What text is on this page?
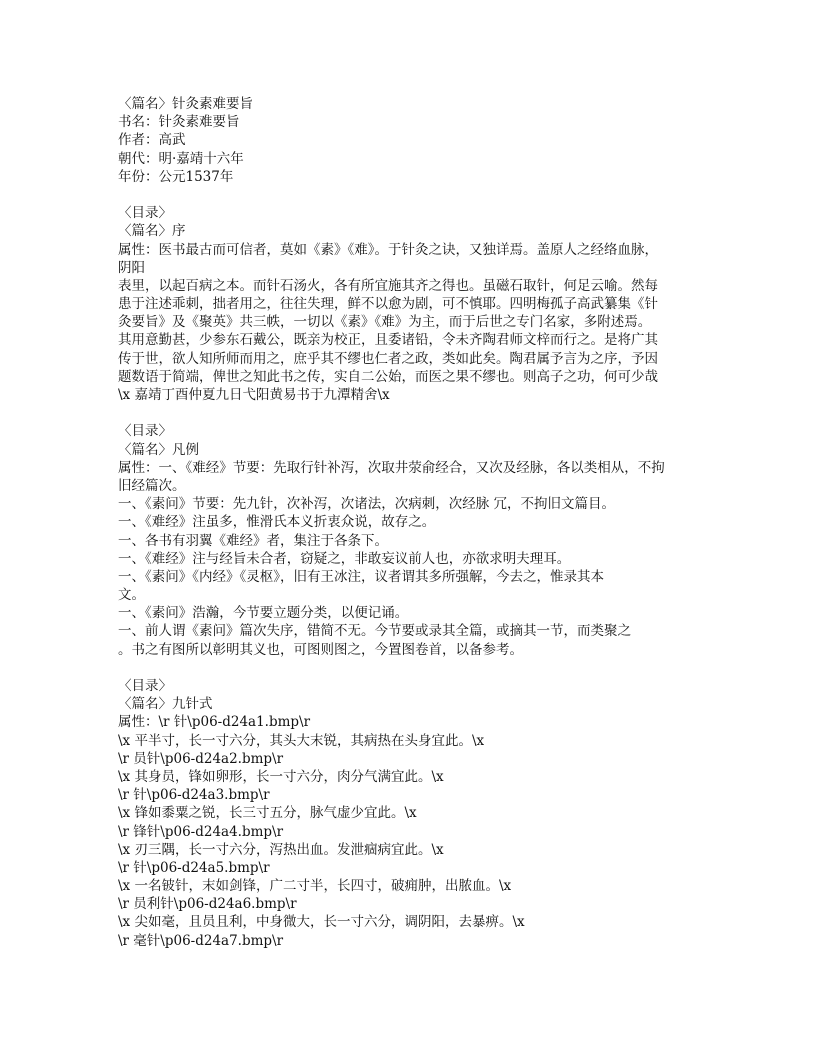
〈篇名〉针灸素难要旨
书名：针灸素难要旨
作者：高武
朝代：明·嘉靖十六年
年份：公元1537年
〈目录〉
〈篇名〉序
属性：医书最古而可信者，莫如《素》《难》。于针灸之诀，又独详焉。盖原人之经络血脉，
阴阳
表里，以起百病之本。而针石汤火，各有所宜施其齐之得也。虽磁石取针，何足云喻。然每
患于注述乖刺，拙者用之，往往失理，鲜不以愈为剧，可不慎耶。四明梅孤子高武纂集《针
灸要旨》及《聚英》共三帙，一切以《素》《难》为主，而于后世之专门名家，多附述焉。
其用意勤甚，少参东石戴公，既亲为校正，且委诸铅，令未齐陶君师文梓而行之。是将广其
传于世，欲人知所师而用之，庶乎其不缪也仁者之政，类如此矣。陶君属予言为之序，予因
题数语于简端，俾世之知此书之传，实自二公始，而医之果不缪也。则高子之功，何可少哉
\x 嘉靖丁酉仲夏九日弋阳黄易书于九潭精舍\x
〈目录〉
〈篇名〉凡例
属性：一、《难经》节要：先取行针补泻，次取井荥俞经合，又次及经脉，各以类相从，不拘
旧经篇次。
一、《素问》节要：先九针，次补泻，次诸法，次病刺，次经脉 冗，不拘旧文篇目。
一、《难经》注虽多，惟滑氏本义折衷众说，故存之。
一、各书有羽翼《难经》者，集注于各条下。
一、《难经》注与经旨未合者，窃疑之，非敢妄议前人也，亦欲求明夫理耳。
一、《素问》《内经》《灵枢》，旧有王冰注，议者谓其多所强解，今去之，惟录其本
文。
一、《素问》浩瀚，今节要立题分类，以便记诵。
一、前人谓《素问》篇次失序，错简不无。今节要或录其全篇，或摘其一节，而类聚之
。书之有图所以彰明其义也，可图则图之，今置图卷首，以备参考。
〈目录〉
〈篇名〉九针式
属性：\r 针\p06-d24a1.bmp\r
\x 平半寸，长一寸六分，其头大末锐，其病热在头身宜此。\x
\r 员针\p06-d24a2.bmp\r
\x 其身员，锋如卵形，长一寸六分，肉分气满宜此。\x
\r 针\p06-d24a3.bmp\r
\x 锋如黍粟之锐，长三寸五分，脉气虚少宜此。\x
\r 锋针\p06-d24a4.bmp\r
\x 刃三隅，长一寸六分，泻热出血。发泄痼病宜此。\x
\r 针\p06-d24a5.bmp\r
\x 一名铍针，末如剑锋，广二寸半，长四寸，破痈肿，出脓血。\x
\r 员利针\p06-d24a6.bmp\r
\x 尖如毫，且员且利，中身微大，长一寸六分，调阴阳，去暴痹。\x
\r 毫针\p06-d24a7.bmp\r
